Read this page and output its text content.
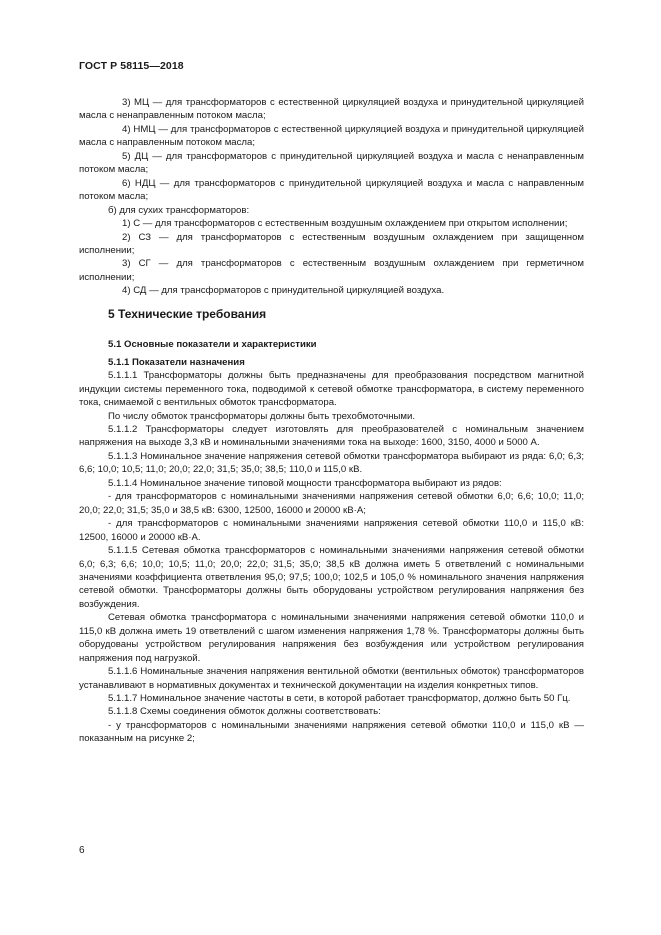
ГОСТ Р 58115—2018

3) МЦ — для трансформаторов с естественной циркуляцией воздуха и принудительной циркуляцией масла с ненаправленным потоком масла;

4) НМЦ — для трансформаторов с естественной циркуляцией воздуха и принудительной циркуляцией масла с направленным потоком масла;

5) ДЦ — для трансформаторов с принудительной циркуляцией воздуха и масла с ненаправленным потоком масла;

6) НДЦ — для трансформаторов с принудительной циркуляцией воздуха и масла с направленным потоком масла;

б) для сухих трансформаторов:

1) С — для трансформаторов с естественным воздушным охлаждением при открытом исполнении;

2) СЗ — для трансформаторов с естественным воздушным охлаждением при защищенном исполнении;

3) СГ — для трансформаторов с естественным воздушным охлаждением при герметичном исполнении;

4) СД — для трансформаторов с принудительной циркуляцией воздуха.

5 Технические требования

5.1 Основные показатели и характеристики

5.1.1 Показатели назначения

5.1.1.1 Трансформаторы должны быть предназначены для преобразования посредством магнитной индукции системы переменного тока, подводимой к сетевой обмотке трансформатора, в систему переменного тока, снимаемой с вентильных обмоток трансформатора.

По числу обмоток трансформаторы должны быть трехобмоточными.

5.1.1.2 Трансформаторы следует изготовлять для преобразователей с номинальным значением напряжения на выходе 3,3 кВ и номинальными значениями тока на выходе: 1600, 3150, 4000 и 5000 А.

5.1.1.3 Номинальное значение напряжения сетевой обмотки трансформатора выбирают из ряда: 6,0; 6,3; 6,6; 10,0; 10,5; 11,0; 20,0; 22,0; 31,5; 35,0; 38,5; 110,0 и 115,0 кВ.

5.1.1.4 Номинальное значение типовой мощности трансформатора выбирают из рядов:

- для трансформаторов с номинальными значениями напряжения сетевой обмотки 6,0; 6,6; 10,0; 11,0; 20,0; 22,0; 31,5; 35,0 и 38,5 кВ: 6300, 12500, 16000 и 20000 кВ·А;

- для трансформаторов с номинальными значениями напряжения сетевой обмотки 110,0 и 115,0 кВ: 12500, 16000 и 20000 кВ·А.

5.1.1.5 Сетевая обмотка трансформаторов с номинальными значениями напряжения сетевой обмотки 6,0; 6,3; 6,6; 10,0; 10,5; 11,0; 20,0; 22,0; 31,5; 35,0; 38,5 кВ должна иметь 5 ответвлений с номинальными значениями коэффициента ответвления 95,0; 97,5; 100,0; 102,5 и 105,0 % номинального значения напряжения сетевой обмотки. Трансформаторы должны быть оборудованы устройством регулирования напряжения без возбуждения.

Сетевая обмотка трансформатора с номинальными значениями напряжения сетевой обмотки 110,0 и 115,0 кВ должна иметь 19 ответвлений с шагом изменения напряжения 1,78 %. Трансформаторы должны быть оборудованы устройством регулирования напряжения без возбуждения или устройством регулирования напряжения под нагрузкой.

5.1.1.6 Номинальные значения напряжения вентильной обмотки (вентильных обмоток) трансформаторов устанавливают в нормативных документах и технической документации на изделия конкретных типов.

5.1.1.7 Номинальное значение частоты в сети, в которой работает трансформатор, должно быть 50 Гц.

5.1.1.8 Схемы соединения обмоток должны соответствовать:

- у трансформаторов с номинальными значениями напряжения сетевой обмотки 110,0 и 115,0 кВ — показанным на рисунке 2;

6
